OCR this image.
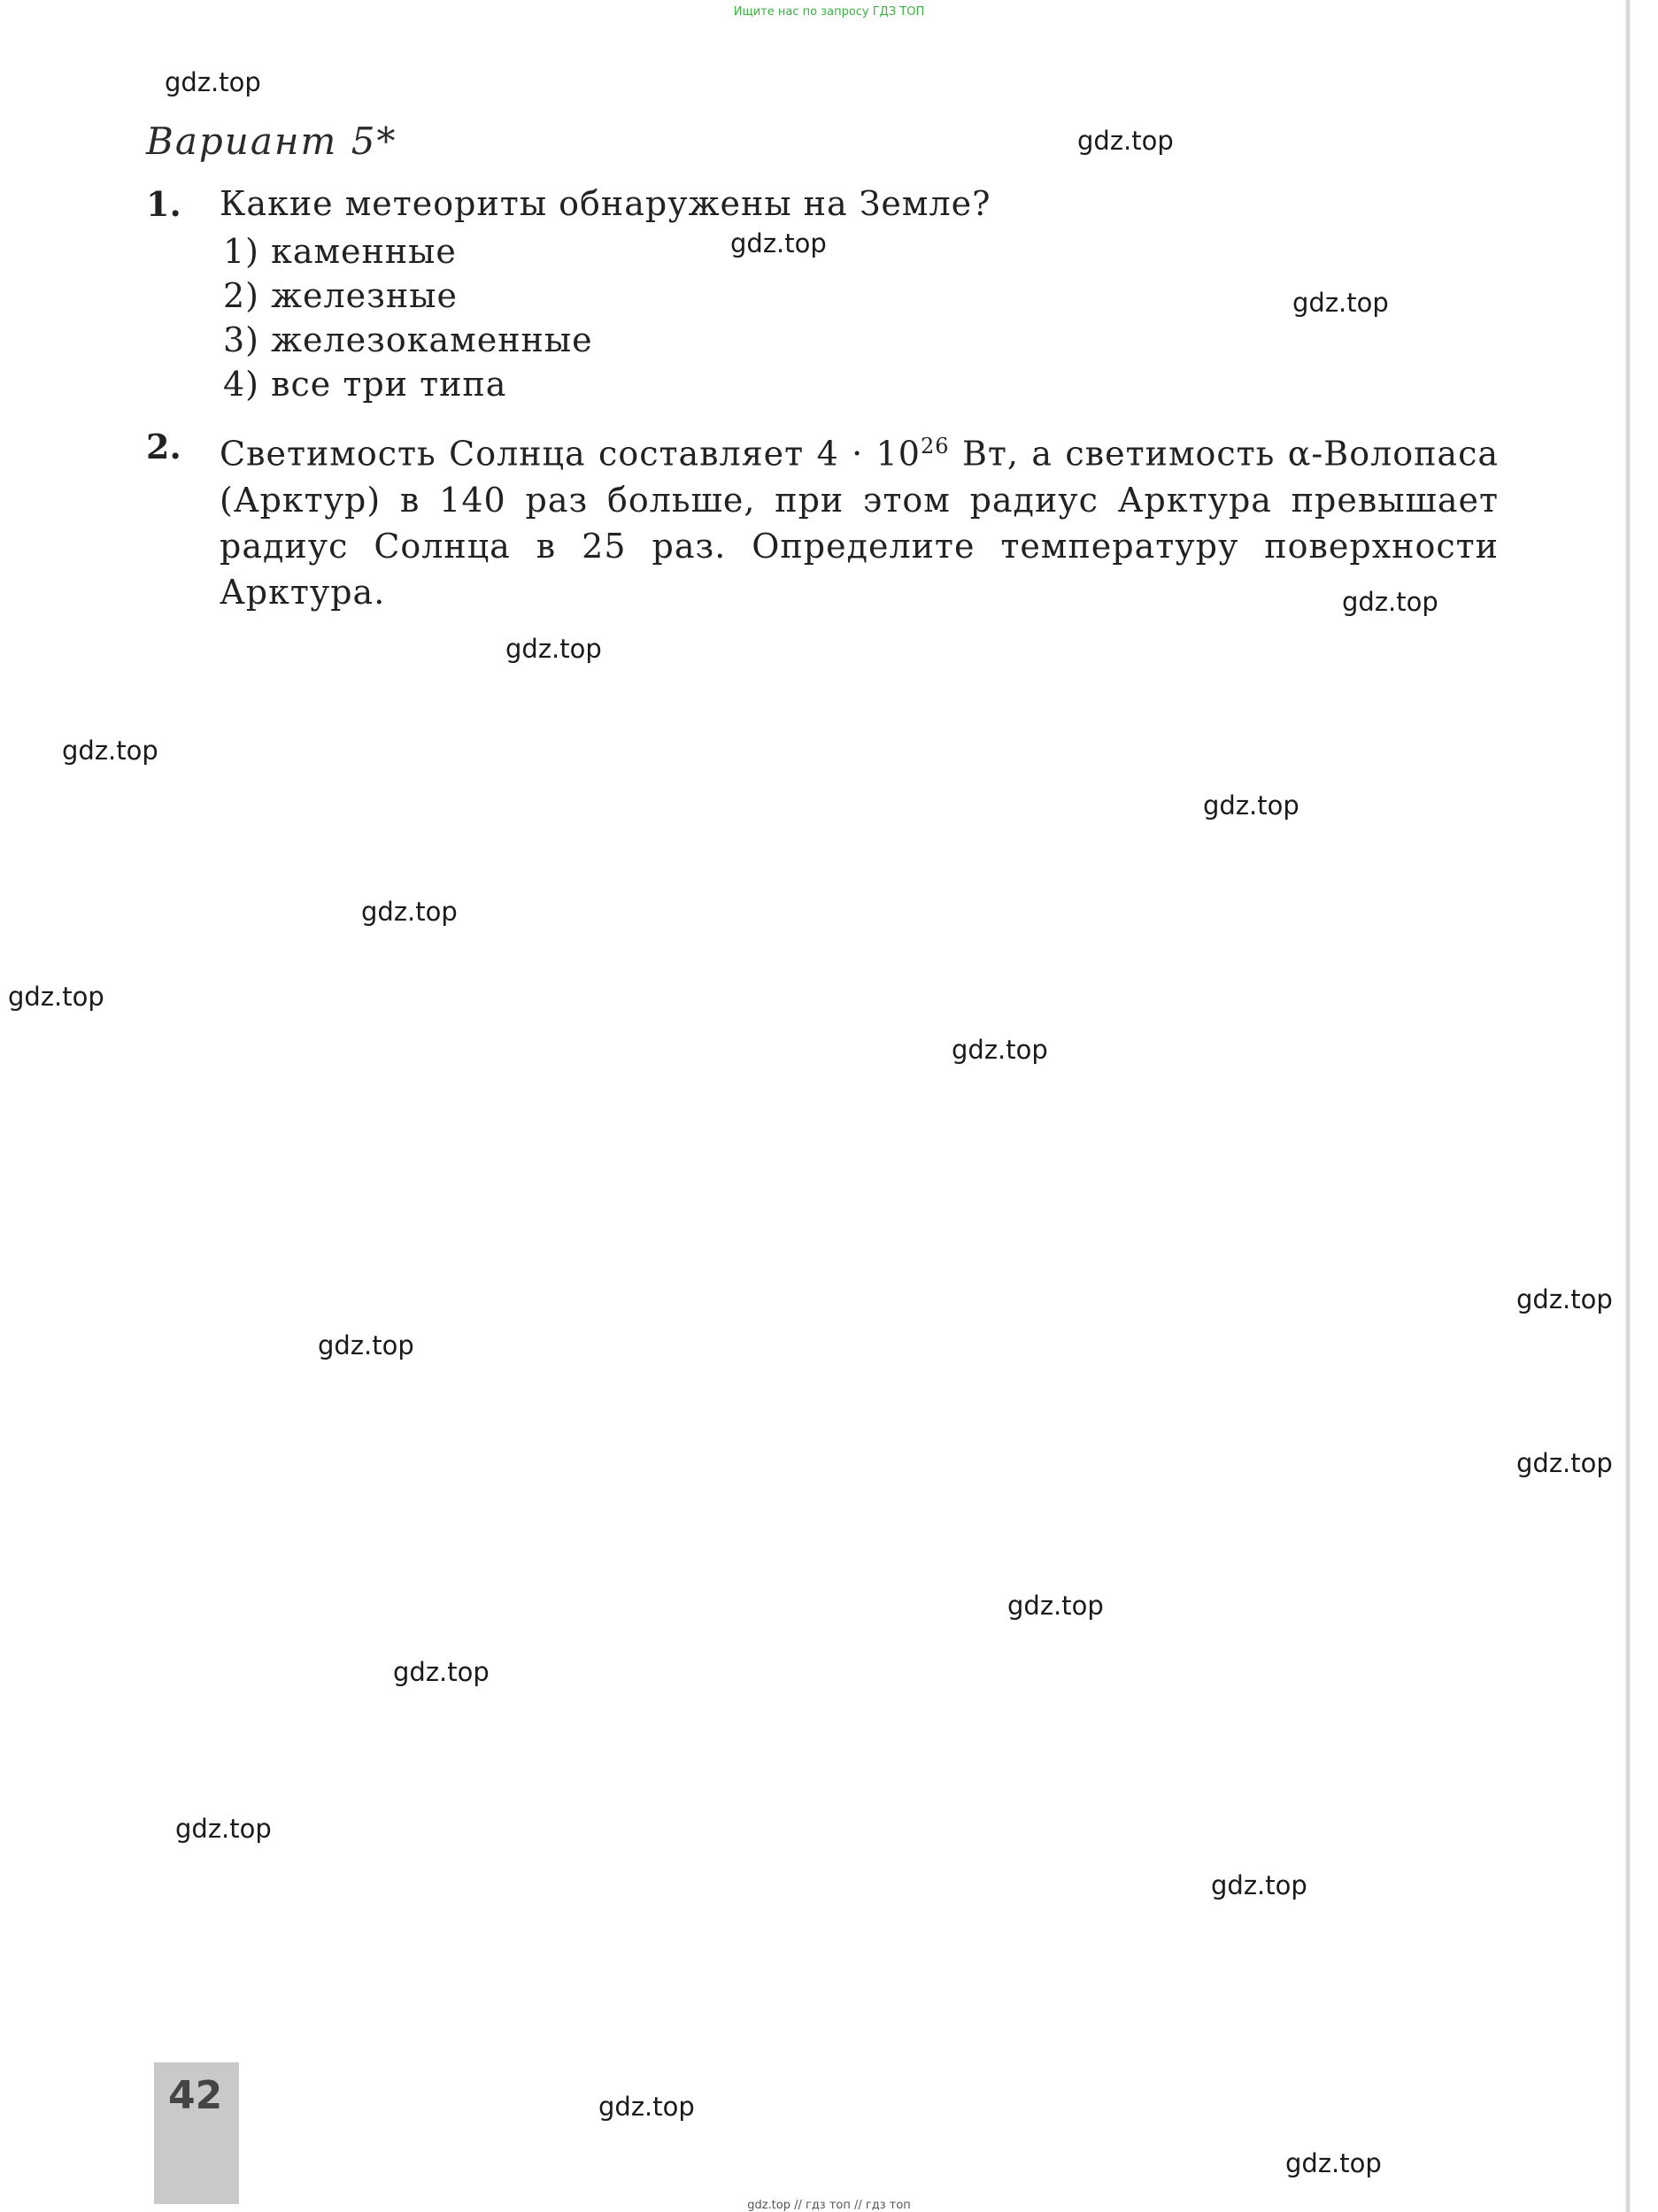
Ищите нас по запросу ГДЗ ТОП
Вариант 5*
1. Какие метеориты обнаружены на Земле?
1) каменные
2) железные
3) железокаменные
4) все три типа
2. Светимость Солнца составляет $4 \cdot 10^{26}$ Вт, а светимость α-Волопаса (Арктур) в 140 раз больше, при этом радиус Арктура превышает радиус Солнца в 25 раз. Определите температуру поверхности Арктура.
42
gdz.top
gdz.top
gdz.top
gdz.top
gdz.top
gdz.top
gdz.top
gdz.top
gdz.top
gdz.top
gdz.top
gdz.top
gdz.top
gdz.top
gdz.top
gdz.top
gdz.top
gdz.top
gdz.top
gdz.top
gdz.top // гдз топ // гдз топ
